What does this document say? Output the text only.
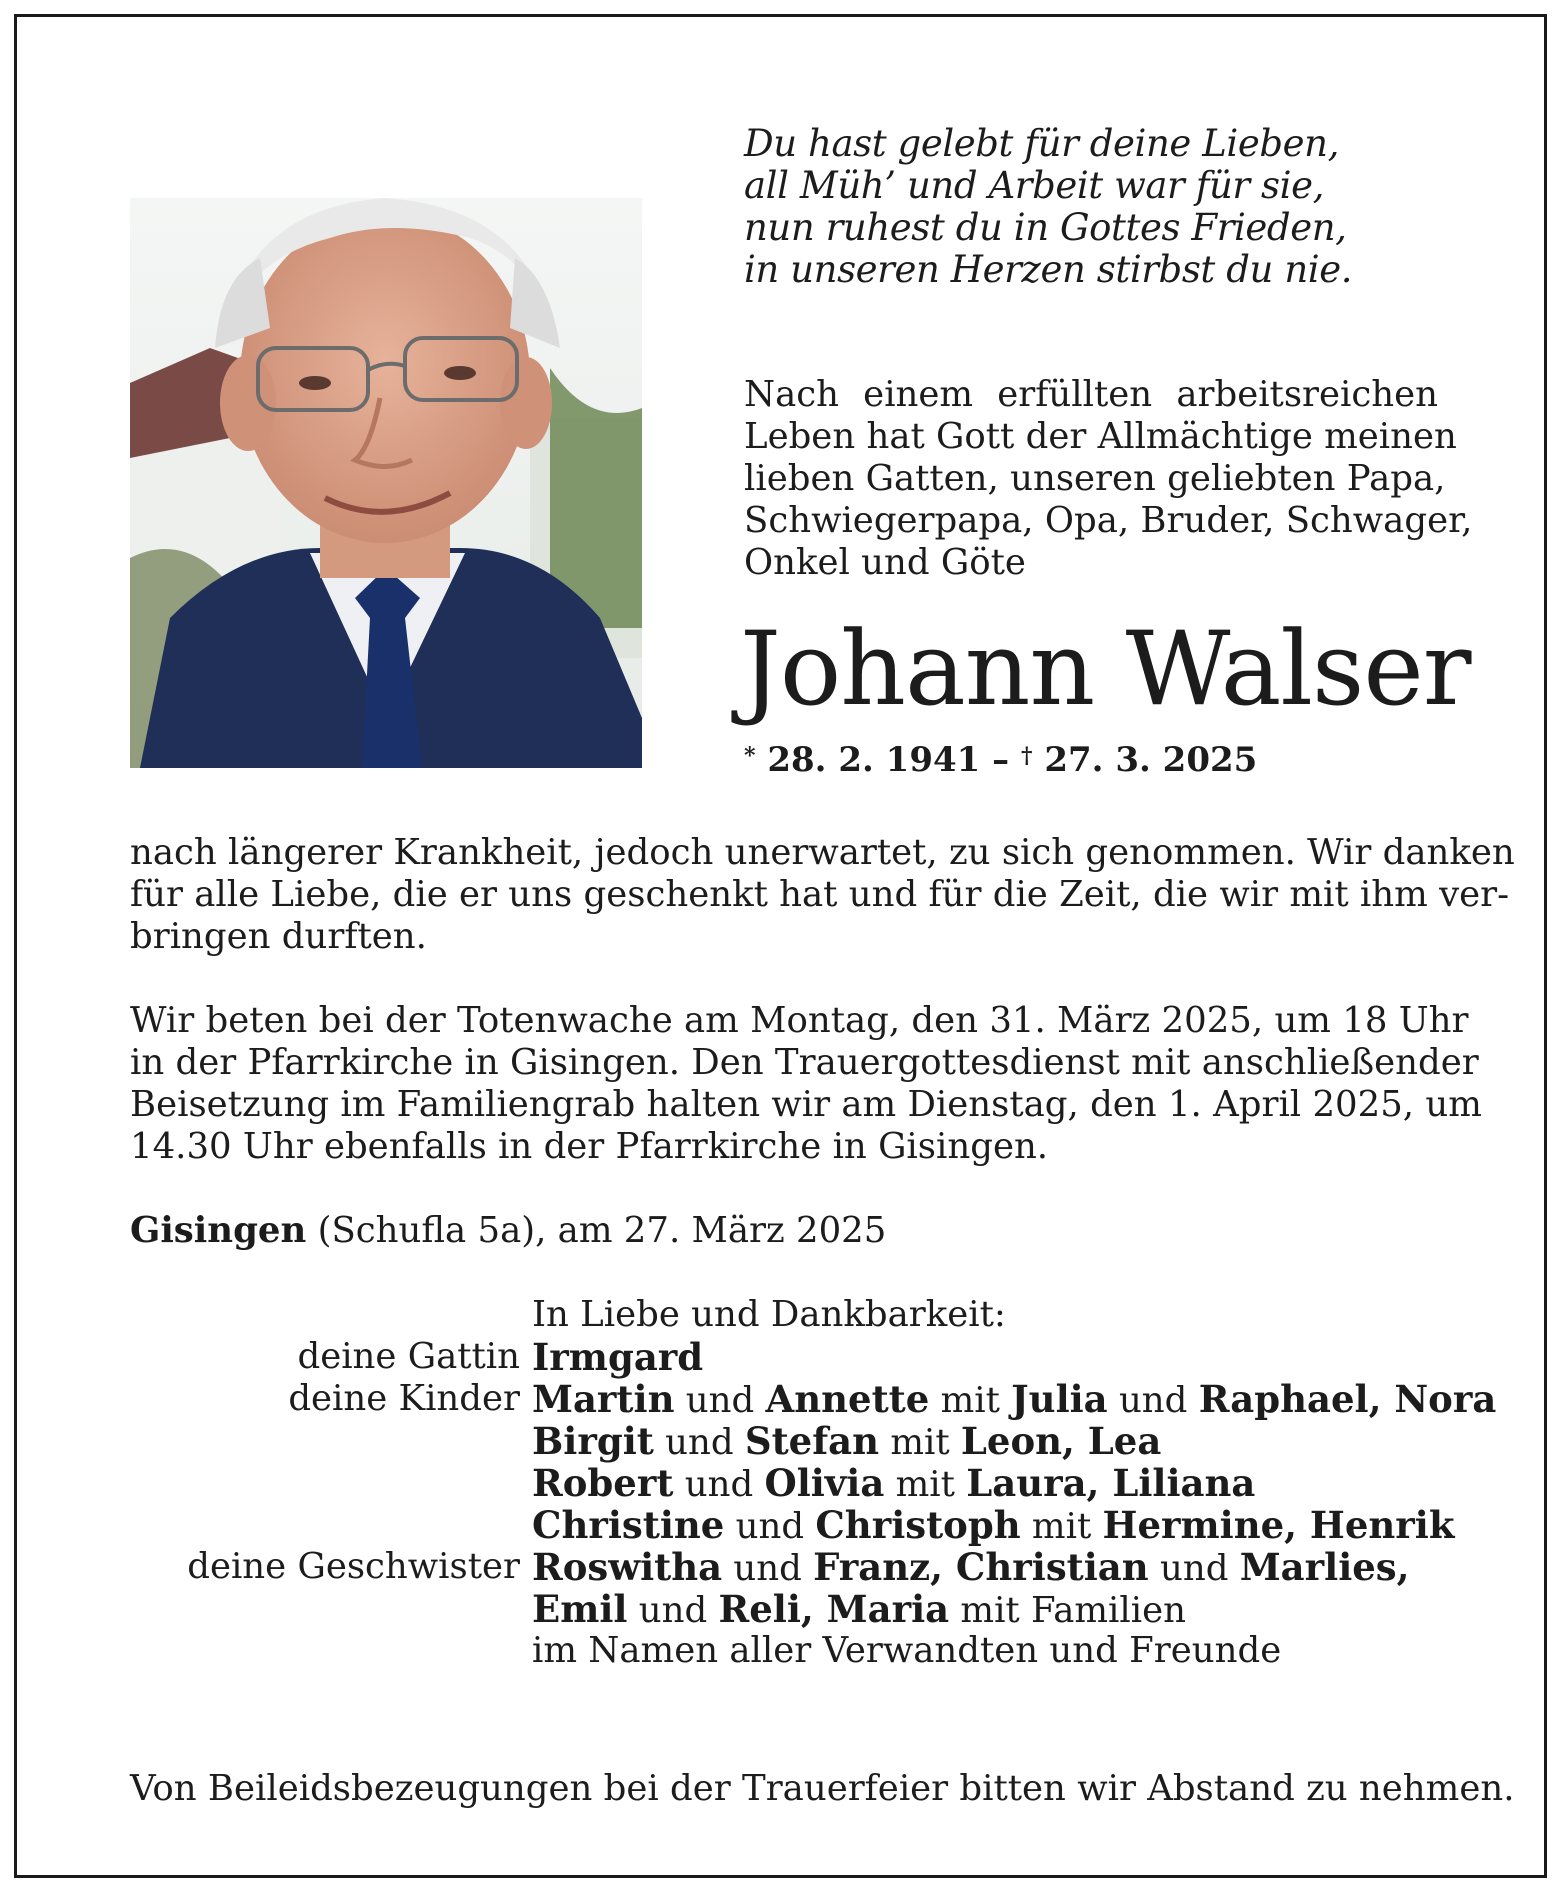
Du hast gelebt für deine Lieben,
all Müh’ und Arbeit war für sie,
nun ruhest du in Gottes Frieden,
in unseren Herzen stirbst du nie.
Nach einem erfüllten arbeitsreichen
Leben hat Gott der Allmächtige meinen
lieben Gatten, unseren geliebten Papa,
Schwiegerpapa, Opa, Bruder, Schwager,
Onkel und Göte
Johann Walser
* 28. 2. 1941 – † 27. 3. 2025
nach längerer Krankheit, jedoch unerwartet, zu sich genommen. Wir danken
für alle Liebe, die er uns geschenkt hat und für die Zeit, die wir mit ihm ver-
bringen durften.
Wir beten bei der Totenwache am Montag, den 31. März 2025, um 18 Uhr
in der Pfarrkirche in Gisingen. Den Trauergottesdienst mit anschließender
Beisetzung im Familiengrab halten wir am Dienstag, den 1. April 2025, um
14.30 Uhr ebenfalls in der Pfarrkirche in Gisingen.
Gisingen (Schufla 5a), am 27. März 2025
In Liebe und Dankbarkeit:
deine Gattin Irmgard
deine Kinder Martin und Annette mit Julia und Raphael, Nora
Birgit und Stefan mit Leon, Lea
Robert und Olivia mit Laura, Liliana
Christine und Christoph mit Hermine, Henrik
deine Geschwister Roswitha und Franz, Christian und Marlies,
Emil und Reli, Maria mit Familien
im Namen aller Verwandten und Freunde
Von Beileidsbezeugungen bei der Trauerfeier bitten wir Abstand zu nehmen.
